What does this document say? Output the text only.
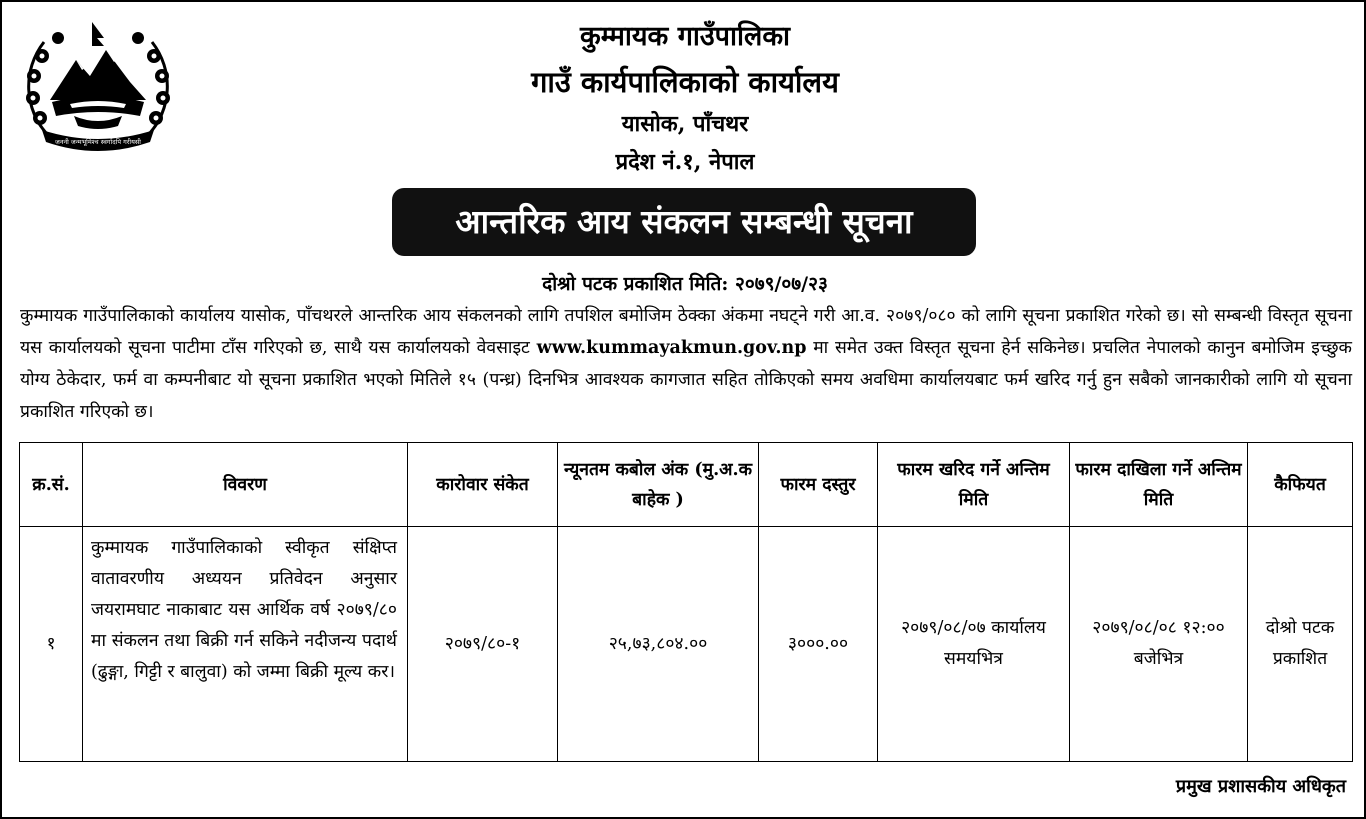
जननी जन्मभूमिश्च स्वर्गादपि गरीयसी
कुम्मायक गाउँपालिका
गाउँ कार्यपालिकाको कार्यालय
यासोक, पाँचथर
प्रदेश नं.१, नेपाल
आन्तरिक आय संकलन सम्बन्धी सूचना
दोश्रो पटक प्रकाशित मिति: २०७९/०७/२३

कुम्मायक गाउँपालिकाको कार्यालय यासोक, पाँचथरले आन्तरिक आय संकलनको लागि तपशिल बमोजिम ठेक्का अंकमा नघट्ने गरी आ.व. २०७९/०८० को लागि सूचना प्रकाशित गरेको छ। सो सम्बन्धी विस्तृत सूचना यस कार्यालयको सूचना पाटीमा टाँस गरिएको छ, साथै यस कार्यालयको वेवसाइट www.kummayakmun.gov.np मा समेत उक्त विस्तृत सूचना हेर्न सकिनेछ। प्रचलित नेपालको कानुन बमोजिम इच्छुक योग्य ठेकेदार, फर्म वा कम्पनीबाट यो सूचना प्रकाशित भएको मितिले १५ (पन्ध्र) दिनभित्र आवश्यक कागजात सहित तोकिएको समय अवधिमा कार्यालयबाट फर्म खरिद गर्नु हुन सबैको जानकारीको लागि यो सूचना प्रकाशित गरिएको छ।

क्र.सं.	विवरण	कारोवार संकेत	न्यूनतम कबोल अंक (मु.अ.क बाहेक )	फारम दस्तुर	फारम खरिद गर्ने अन्तिम मिति	फारम दाखिला गर्ने अन्तिम मिति	कैफियत
१	कुम्मायक गाउँपालिकाको स्वीकृत संक्षिप्त वातावरणीय अध्ययन प्रतिवेदन अनुसार जयरामघाट नाकाबाट यस आर्थिक वर्ष २०७९/८० मा संकलन तथा बिक्री गर्न सकिने नदीजन्य पदार्थ (ढुङ्गा, गिट्टी र बालुवा) को जम्मा बिक्री मूल्य कर।	२०७९/८०-१	२५,७३,८०४.००	३०००.००	२०७९/०८/०७ कार्यालय समयभित्र	२०७९/०८/०८ १२:०० बजेभित्र	दोश्रो पटक प्रकाशित
प्रमुख प्रशासकीय अधिकृत
